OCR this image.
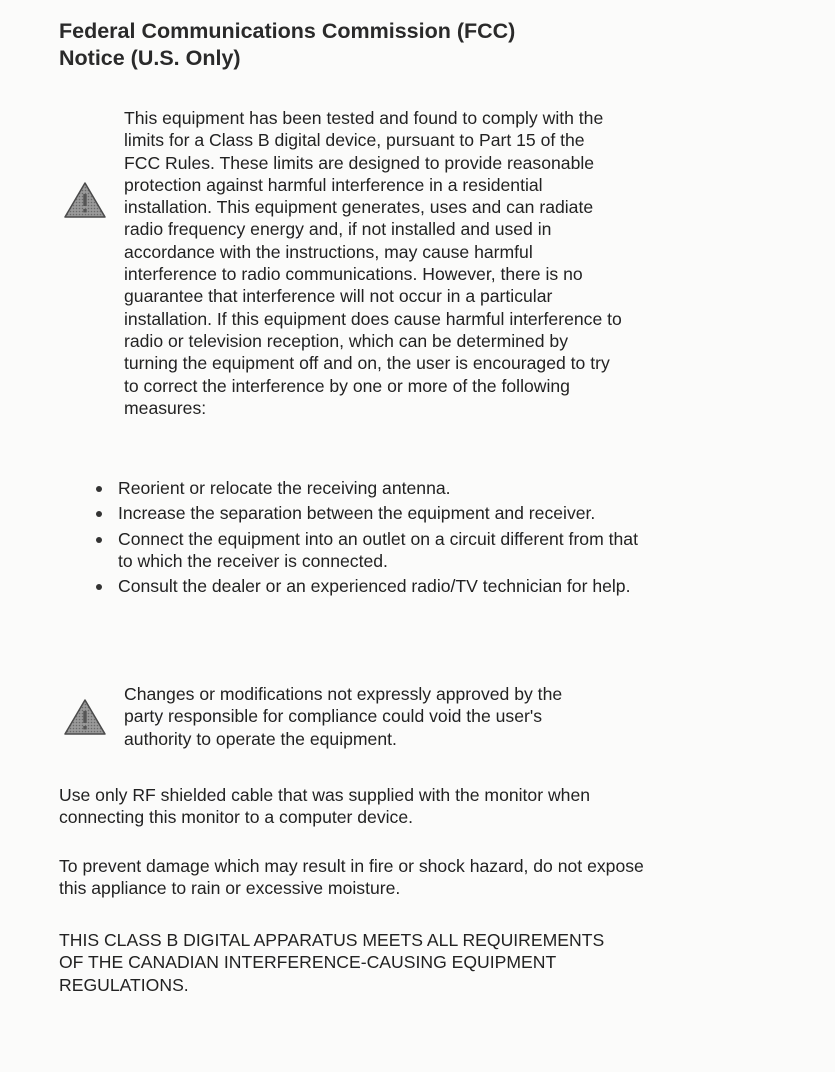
Federal Communications Commission (FCC)
Notice (U.S. Only)

This equipment has been tested and found to comply with the limits for a Class B digital device, pursuant to Part 15 of the FCC Rules. These limits are designed to provide reasonable protection against harmful interference in a residential installation. This equipment generates, uses and can radiate radio frequency energy and, if not installed and used in accordance with the instructions, may cause harmful interference to radio communications. However, there is no guarantee that interference will not occur in a particular installation. If this equipment does cause harmful interference to radio or television reception, which can be determined by turning the equipment off and on, the user is encouraged to try to correct the interference by one or more of the following measures:

Reorient or relocate the receiving antenna.
Increase the separation between the equipment and receiver.
Connect the equipment into an outlet on a circuit different from that to which the receiver is connected.
Consult the dealer or an experienced radio/TV technician for help.

Changes or modifications not expressly approved by the party responsible for compliance could void the user's authority to operate the equipment.

Use only RF shielded cable that was supplied with the monitor when connecting this monitor to a computer device.

To prevent damage which may result in fire or shock hazard, do not expose this appliance to rain or excessive moisture.

THIS CLASS B DIGITAL APPARATUS MEETS ALL REQUIREMENTS OF THE CANADIAN INTERFERENCE-CAUSING EQUIPMENT REGULATIONS.
